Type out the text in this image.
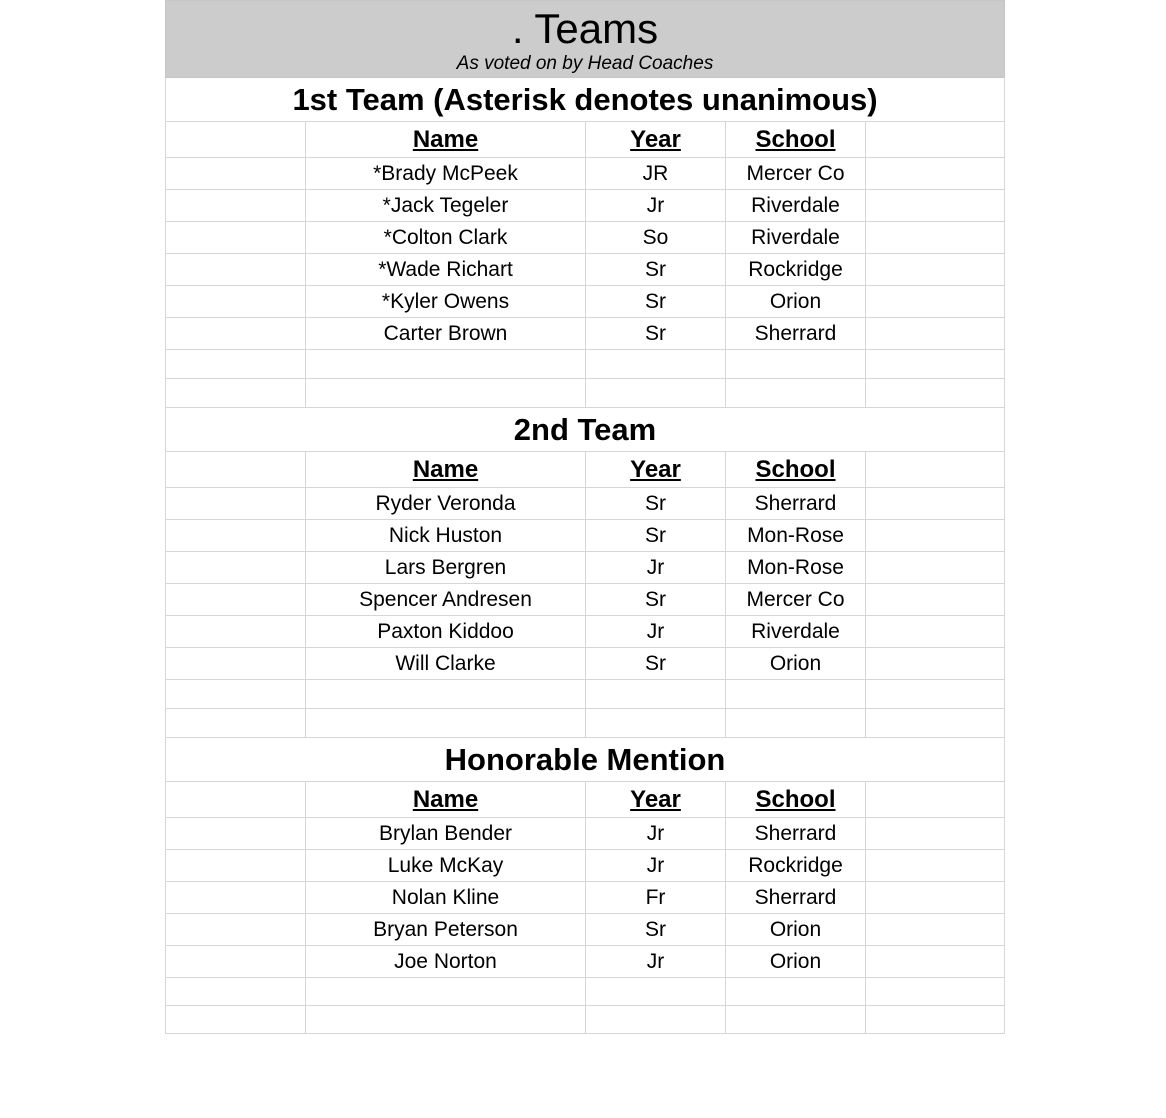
. Teams
As voted on by Head Coaches
1st Team (Asterisk denotes unanimous)
Name	Year	School
*Brady McPeek	JR	Mercer Co
*Jack Tegeler	Jr	Riverdale
*Colton Clark	So	Riverdale
*Wade Richart	Sr	Rockridge
*Kyler Owens	Sr	Orion
Carter Brown	Sr	Sherrard
2nd Team
Name	Year	School
Ryder Veronda	Sr	Sherrard
Nick Huston	Sr	Mon-Rose
Lars Bergren	Jr	Mon-Rose
Spencer Andresen	Sr	Mercer Co
Paxton Kiddoo	Jr	Riverdale
Will Clarke	Sr	Orion
Honorable Mention
Name	Year	School
Brylan Bender	Jr	Sherrard
Luke McKay	Jr	Rockridge
Nolan Kline	Fr	Sherrard
Bryan Peterson	Sr	Orion
Joe Norton	Jr	Orion
